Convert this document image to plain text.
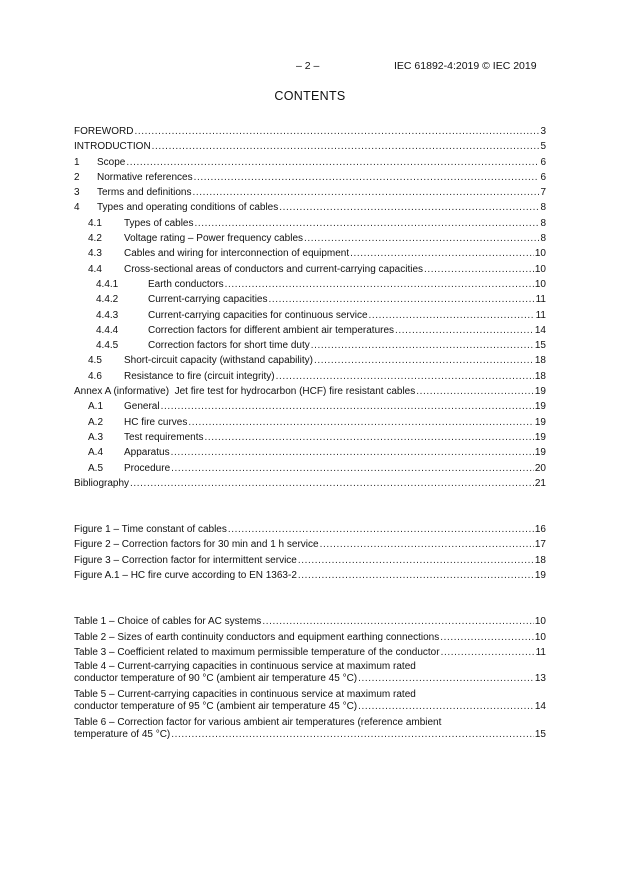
– 2 –	IEC 61892-4:2019 © IEC 2019
CONTENTS
FOREWORD .....	3
INTRODUCTION .....	5
1	Scope .....	6
2	Normative references .....	6
3	Terms and definitions .....	7
4	Types and operating conditions of cables .....	8
4.1	Types of cables .....	8
4.2	Voltage rating – Power frequency cables .....	8
4.3	Cables and wiring for interconnection of equipment .....	10
4.4	Cross-sectional areas of conductors and current-carrying capacities .....	10
4.4.1	Earth conductors .....	10
4.4.2	Current-carrying capacities .....	11
4.4.3	Current-carrying capacities for continuous service .....	11
4.4.4	Correction factors for different ambient air temperatures .....	14
4.4.5	Correction factors for short time duty .....	15
4.5	Short-circuit capacity (withstand capability) .....	18
4.6	Resistance to fire (circuit integrity) .....	18
Annex A (informative)  Jet fire test for hydrocarbon (HCF) fire resistant cables .....	19
A.1	General .....	19
A.2	HC fire curves .....	19
A.3	Test requirements .....	19
A.4	Apparatus .....	19
A.5	Procedure .....	20
Bibliography .....	21
Figure 1 – Time constant of cables .....	16
Figure 2 – Correction factors for 30 min and 1 h service .....	17
Figure 3 – Correction factor for intermittent service .....	18
Figure A.1 – HC fire curve according to EN 1363-2 .....	19
Table 1 – Choice of cables for AC systems .....	10
Table 2 – Sizes of earth continuity conductors and equipment earthing connections .....	10
Table 3 – Coefficient related to maximum permissible temperature of the conductor .....	11
Table 4 – Current-carrying capacities in continuous service at maximum rated
conductor temperature of 90 °C (ambient air temperature 45 °C) .....	13
Table 5 – Current-carrying capacities in continuous service at maximum rated
conductor temperature of 95 °C (ambient air temperature 45 °C) .....	14
Table 6 – Correction factor for various ambient air temperatures (reference ambient
temperature of 45 °C) .....	15
